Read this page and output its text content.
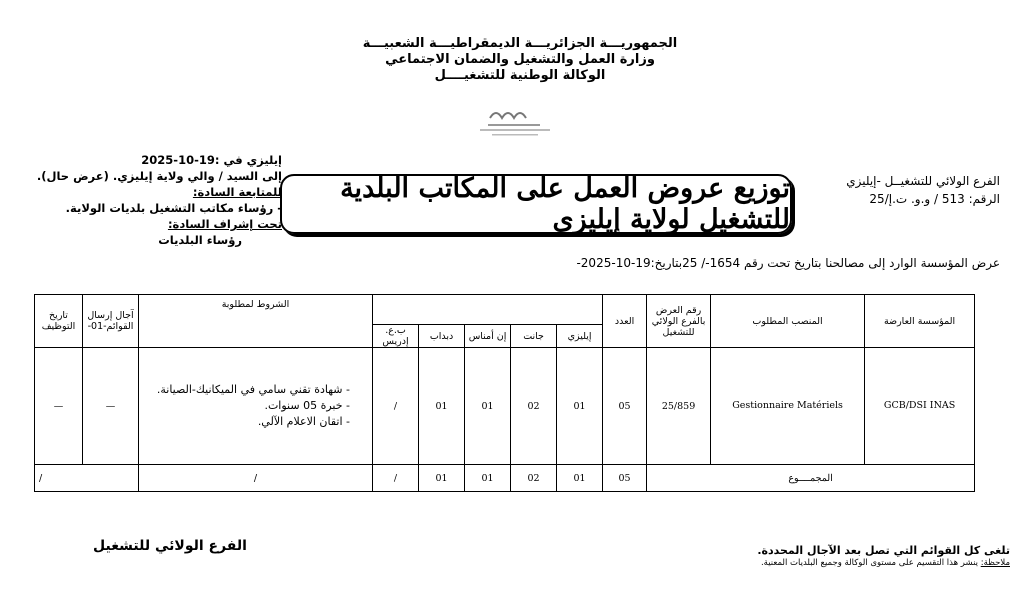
الجمهوريـــة الجزائريـــة الديمقراطيـــة الشعبيـــة
وزارة العمل والتشغيل والضمان الاجتماعي
الوكالة الوطنية للتشغيــــل
إيليزي في :19-10-2025
إلى السيد / والي ولاية إيليزي. (عرض حال).
للمتابعة السادة:
- رؤساء مكاتب التشغيل بلديات الولاية.
تحت إشراف السادة:
رؤساء البلديات
توزيع عروض العمل على المكاتب البلدية للتشغيل لولاية إيليزي
الفرع الولائي للتشغيــل -إيليزي
الرقم: 513 / و.و. ت.إ/25
عرض المؤسسة الوارد إلى مصالحنا بتاريخ تحت رقم 1654-/ 25بتاريخ:19-10-2025-
المؤسسة العارضة	المنصب المطلوب	رقم العرض بالفرع الولائي للتشغيل	العدد						الشروط لمطلوبة	آجال إرسال القوائم-01-	تاريخ التوظيف
				إيليزي	جانت	إن أمناس	دبداب	ب.ع. إدريس			
GCB/DSI INAS	Gestionnaire Matériels	25/859	05	01	02	01	01	/	- شهادة تقني سامي في الميكانيك-الصيانة.
- خبرة 05 سنوات.
- اتقان الاعلام الآلي.	—	—
المجمــــوع			05	01	02	01	01	/	/	/	
تلغى كل القوائم التي تصل بعد الآجال المحددة.
ملاحظة: ينشر هذا التقسيم على مستوى الوكالة وجميع البلديات المعنية.
الفرع الولائي للتشغيل
